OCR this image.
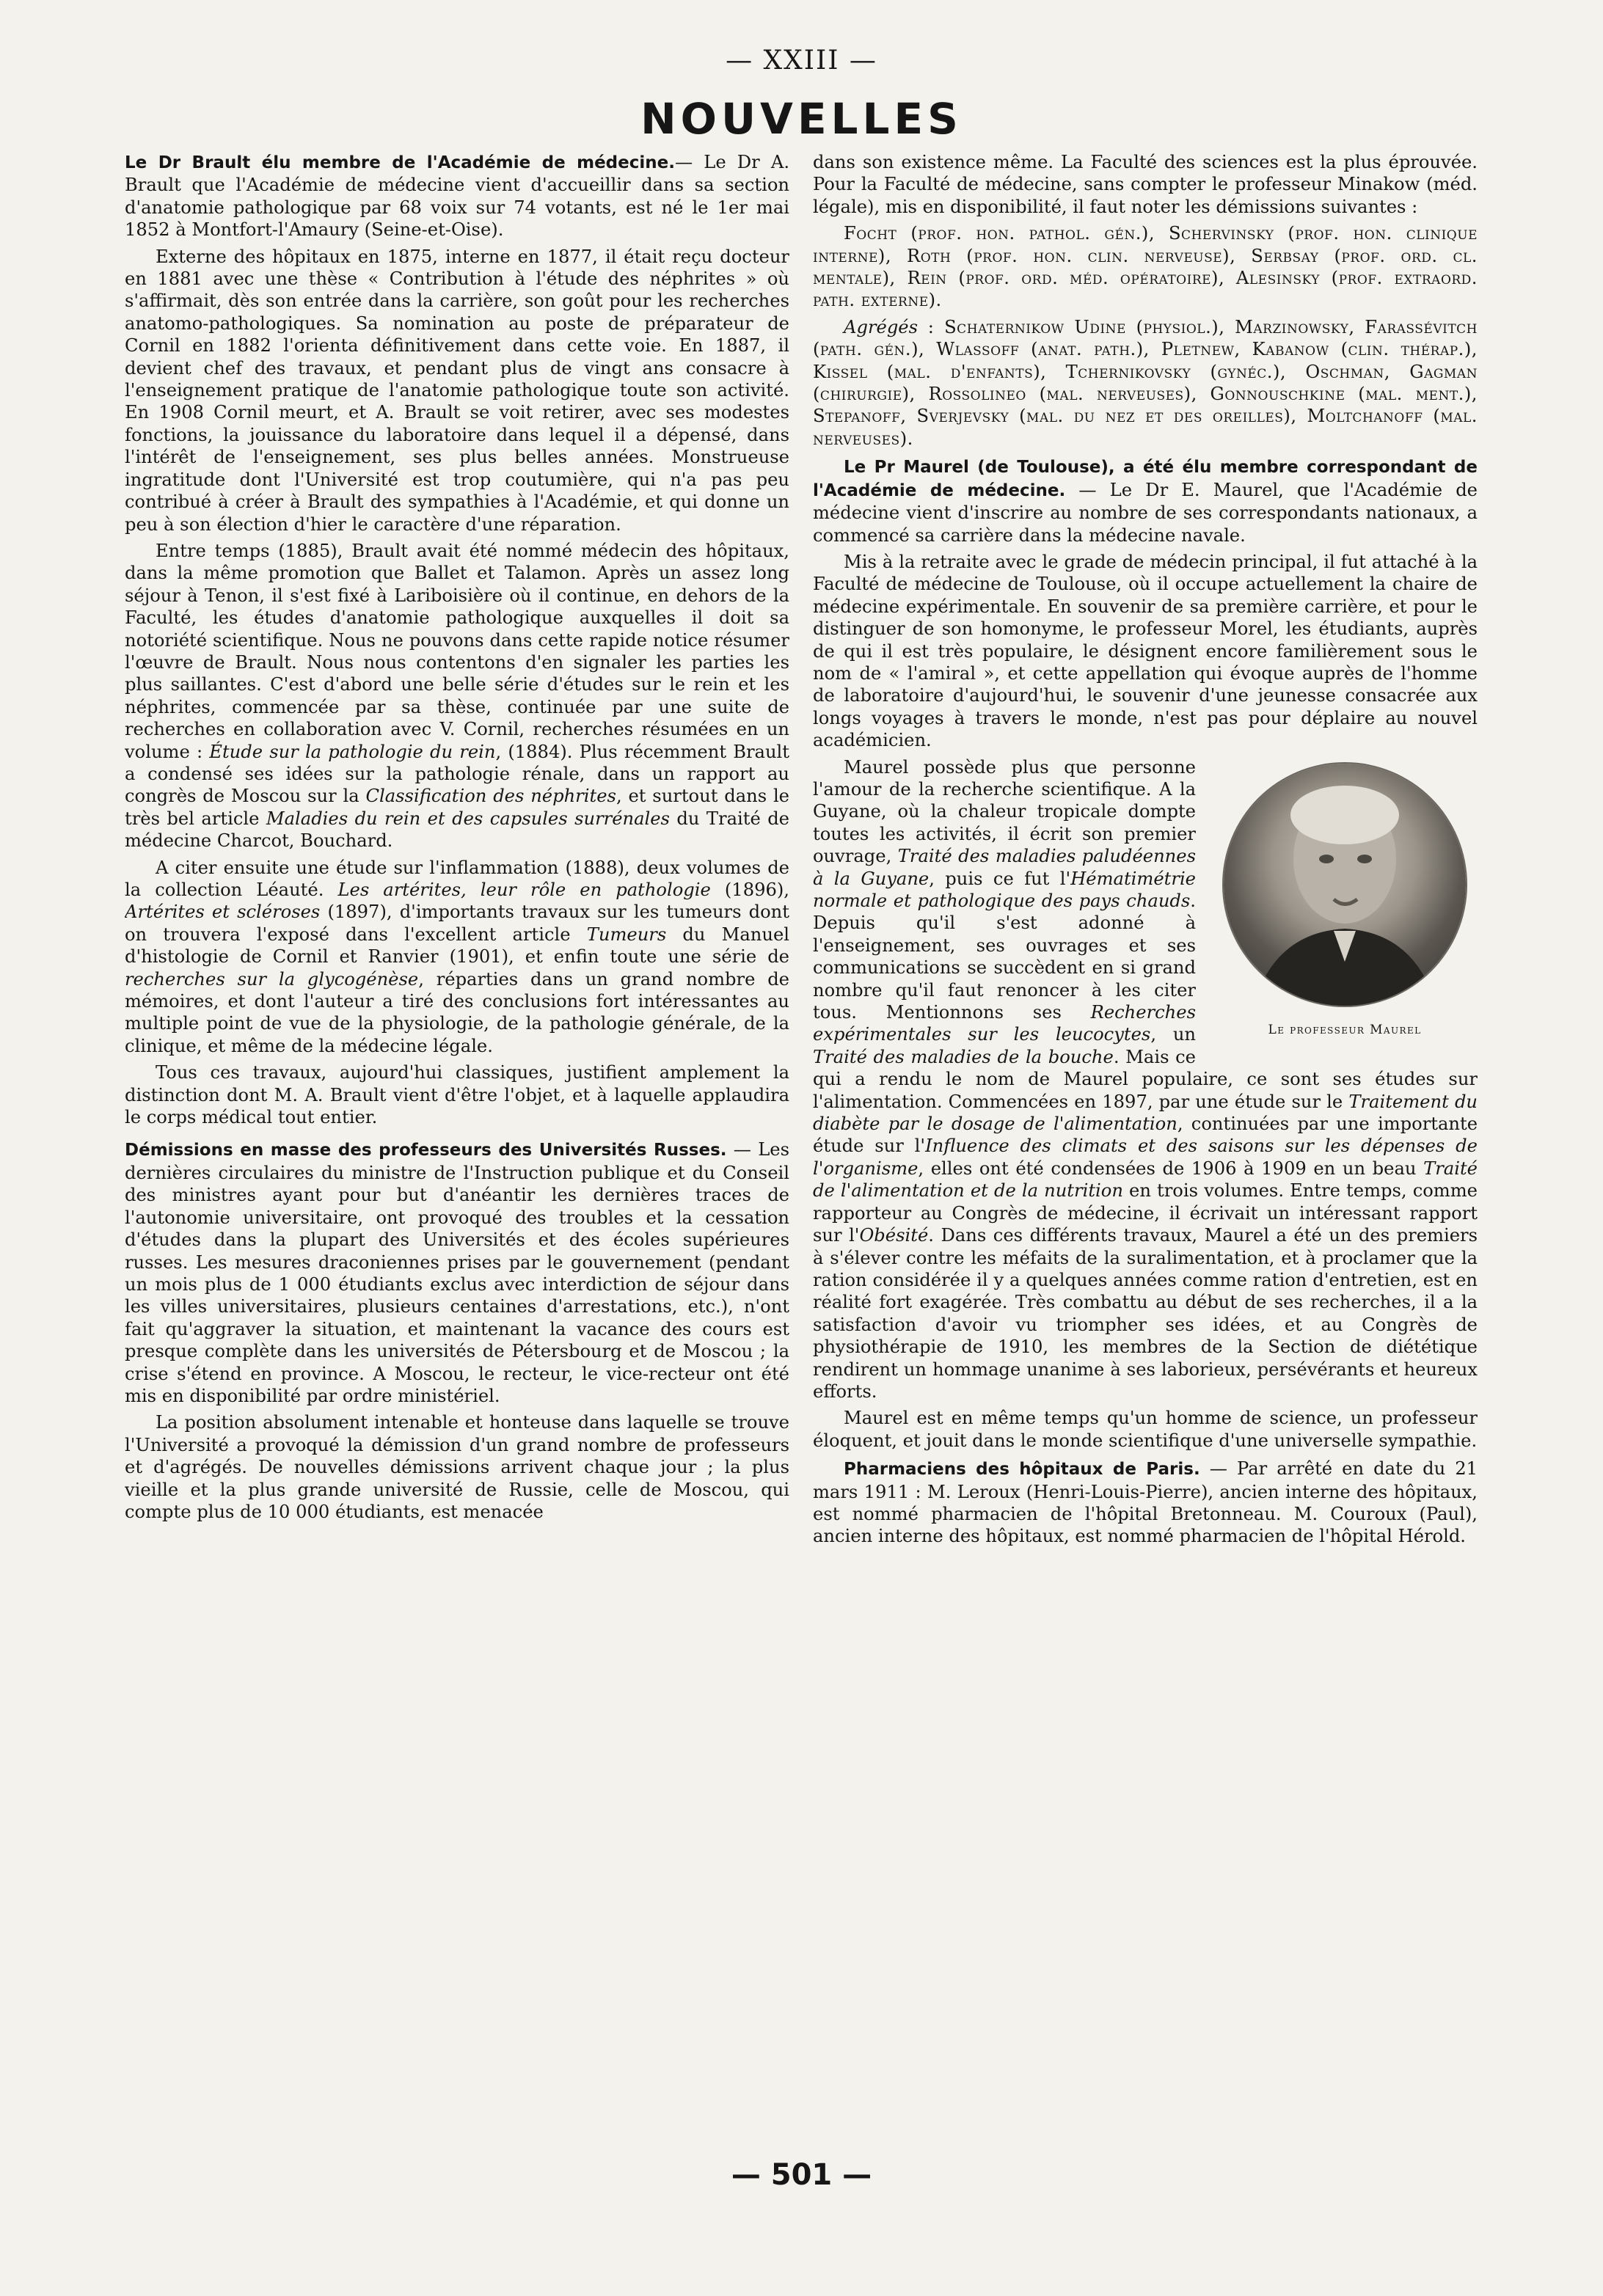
— XXIII —
NOUVELLES

Le Dr Brault élu membre de l'Académie de médecine.— Le Dr A. Brault que l'Académie de médecine vient d'accueillir dans sa section d'anatomie pathologique par 68 voix sur 74 votants, est né le 1er mai 1852 à Montfort-l'Amaury (Seine-et-Oise).

Externe des hôpitaux en 1875, interne en 1877, il était reçu docteur en 1881 avec une thèse « Contribution à l'étude des néphrites » où s'affirmait, dès son entrée dans la carrière, son goût pour les recherches anatomo-pathologiques. Sa nomination au poste de préparateur de Cornil en 1882 l'orienta définitivement dans cette voie. En 1887, il devient chef des travaux, et pendant plus de vingt ans consacre à l'enseignement pratique de l'anatomie pathologique toute son activité. En 1908 Cornil meurt, et A. Brault se voit retirer, avec ses modestes fonctions, la jouissance du laboratoire dans lequel il a dépensé, dans l'intérêt de l'enseignement, ses plus belles années. Monstrueuse ingratitude dont l'Université est trop coutumière, qui n'a pas peu contribué à créer à Brault des sympathies à l'Académie, et qui donne un peu à son élection d'hier le caractère d'une réparation.

Entre temps (1885), Brault avait été nommé médecin des hôpitaux, dans la même promotion que Ballet et Talamon. Après un assez long séjour à Tenon, il s'est fixé à Lariboisière où il continue, en dehors de la Faculté, les études d'anatomie pathologique auxquelles il doit sa notoriété scientifique. Nous ne pouvons dans cette rapide notice résumer l'œuvre de Brault. Nous nous contentons d'en signaler les parties les plus saillantes. C'est d'abord une belle série d'études sur le rein et les néphrites, commencée par sa thèse, continuée par une suite de recherches en collaboration avec V. Cornil, recherches résumées en un volume : Étude sur la pathologie du rein, (1884). Plus récemment Brault a condensé ses idées sur la pathologie rénale, dans un rapport au congrès de Moscou sur la Classification des néphrites, et surtout dans le très bel article Maladies du rein et des capsules surrénales du Traité de médecine Charcot, Bouchard.

A citer ensuite une étude sur l'inflammation (1888), deux volumes de la collection Léauté. Les artérites, leur rôle en pathologie (1896), Artérites et scléroses (1897), d'importants travaux sur les tumeurs dont on trouvera l'exposé dans l'excellent article Tumeurs du Manuel d'histologie de Cornil et Ranvier (1901), et enfin toute une série de recherches sur la glycogénèse, réparties dans un grand nombre de mémoires, et dont l'auteur a tiré des conclusions fort intéressantes au multiple point de vue de la physiologie, de la pathologie générale, de la clinique, et même de la médecine légale.

Tous ces travaux, aujourd'hui classiques, justifient amplement la distinction dont M. A. Brault vient d'être l'objet, et à laquelle applaudira le corps médical tout entier.

Démissions en masse des professeurs des Universités Russes. — Les dernières circulaires du ministre de l'Instruction publique et du Conseil des ministres ayant pour but d'anéantir les dernières traces de l'autonomie universitaire, ont provoqué des troubles et la cessation d'études dans la plupart des Universités et des écoles supérieures russes. Les mesures draconiennes prises par le gouvernement (pendant un mois plus de 1 000 étudiants exclus avec interdiction de séjour dans les villes universitaires, plusieurs centaines d'arrestations, etc.), n'ont fait qu'aggraver la situation, et maintenant la vacance des cours est presque complète dans les universités de Pétersbourg et de Moscou ; la crise s'étend en province. A Moscou, le recteur, le vice-recteur ont été mis en disponibilité par ordre ministériel.

La position absolument intenable et honteuse dans laquelle se trouve l'Université a provoqué la démission d'un grand nombre de professeurs et d'agrégés. De nouvelles démissions arrivent chaque jour ; la plus vieille et la plus grande université de Russie, celle de Moscou, qui compte plus de 10 000 étudiants, est menacée

dans son existence même. La Faculté des sciences est la plus éprouvée. Pour la Faculté de médecine, sans compter le professeur Minakow (méd. légale), mis en disponibilité, il faut noter les démissions suivantes :

Focht (prof. hon. pathol. gén.), Schervinsky (prof. hon. clinique interne), Roth (prof. hon. clin. nerveuse), Serbsay (prof. ord. cl. mentale), Rein (prof. ord. méd. opératoire), Alesinsky (prof. extraord. path. externe).

Agrégés : Schaternikow Udine (physiol.), Marzinowsky, Farassévitch (path. gén.), Wlassoff (anat. path.), Pletnew, Kabanow (clin. thérap.), Kissel (mal. d'enfants), Tchernikovsky (gynéc.), Oschman, Gagman (chirurgie), Rossolineo (mal. nerveuses), Gonnouschkine (mal. ment.), Stepanoff, Sverjevsky (mal. du nez et des oreilles), Moltchanoff (mal. nerveuses).

Le Pr Maurel (de Toulouse), a été élu membre correspondant de l'Académie de médecine. — Le Dr E. Maurel, que l'Académie de médecine vient d'inscrire au nombre de ses correspondants nationaux, a commencé sa carrière dans la médecine navale.

Mis à la retraite avec le grade de médecin principal, il fut attaché à la Faculté de médecine de Toulouse, où il occupe actuellement la chaire de médecine expérimentale. En souvenir de sa première carrière, et pour le distinguer de son homonyme, le professeur Morel, les étudiants, auprès de qui il est très populaire, le désignent encore familièrement sous le nom de « l'amiral », et cette appellation qui évoque auprès de l'homme de laboratoire d'aujourd'hui, le souvenir d'une jeunesse consacrée aux longs voyages à travers le monde, n'est pas pour déplaire au nouvel académicien.

Le professeur Maurel

Maurel possède plus que personne l'amour de la recherche scientifique. A la Guyane, où la chaleur tropicale dompte toutes les activités, il écrit son premier ouvrage, Traité des maladies paludéennes à la Guyane, puis ce fut l'Hématimétrie normale et pathologique des pays chauds. Depuis qu'il s'est adonné à l'enseignement, ses ouvrages et ses communications se succèdent en si grand nombre qu'il faut renoncer à les citer tous. Mentionnons ses Recherches expérimentales sur les leucocytes, un Traité des maladies de la bouche. Mais ce qui a rendu le nom de Maurel populaire, ce sont ses études sur l'alimentation. Commencées en 1897, par une étude sur le Traitement du diabète par le dosage de l'alimentation, continuées par une importante étude sur l'Influence des climats et des saisons sur les dépenses de l'organisme, elles ont été condensées de 1906 à 1909 en un beau Traité de l'alimentation et de la nutrition en trois volumes. Entre temps, comme rapporteur au Congrès de médecine, il écrivait un intéressant rapport sur l'Obésité. Dans ces différents travaux, Maurel a été un des premiers à s'élever contre les méfaits de la suralimentation, et à proclamer que la ration considérée il y a quelques années comme ration d'entretien, est en réalité fort exagérée. Très combattu au début de ses recherches, il a la satisfaction d'avoir vu triompher ses idées, et au Congrès de physiothérapie de 1910, les membres de la Section de diététique rendirent un hommage unanime à ses laborieux, persévérants et heureux efforts.

Maurel est en même temps qu'un homme de science, un professeur éloquent, et jouit dans le monde scientifique d'une universelle sympathie.

Pharmaciens des hôpitaux de Paris. — Par arrêté en date du 21 mars 1911 : M. Leroux (Henri-Louis-Pierre), ancien interne des hôpitaux, est nommé pharmacien de l'hôpital Bretonneau. M. Couroux (Paul), ancien interne des hôpitaux, est nommé pharmacien de l'hôpital Hérold.

— 501 —
